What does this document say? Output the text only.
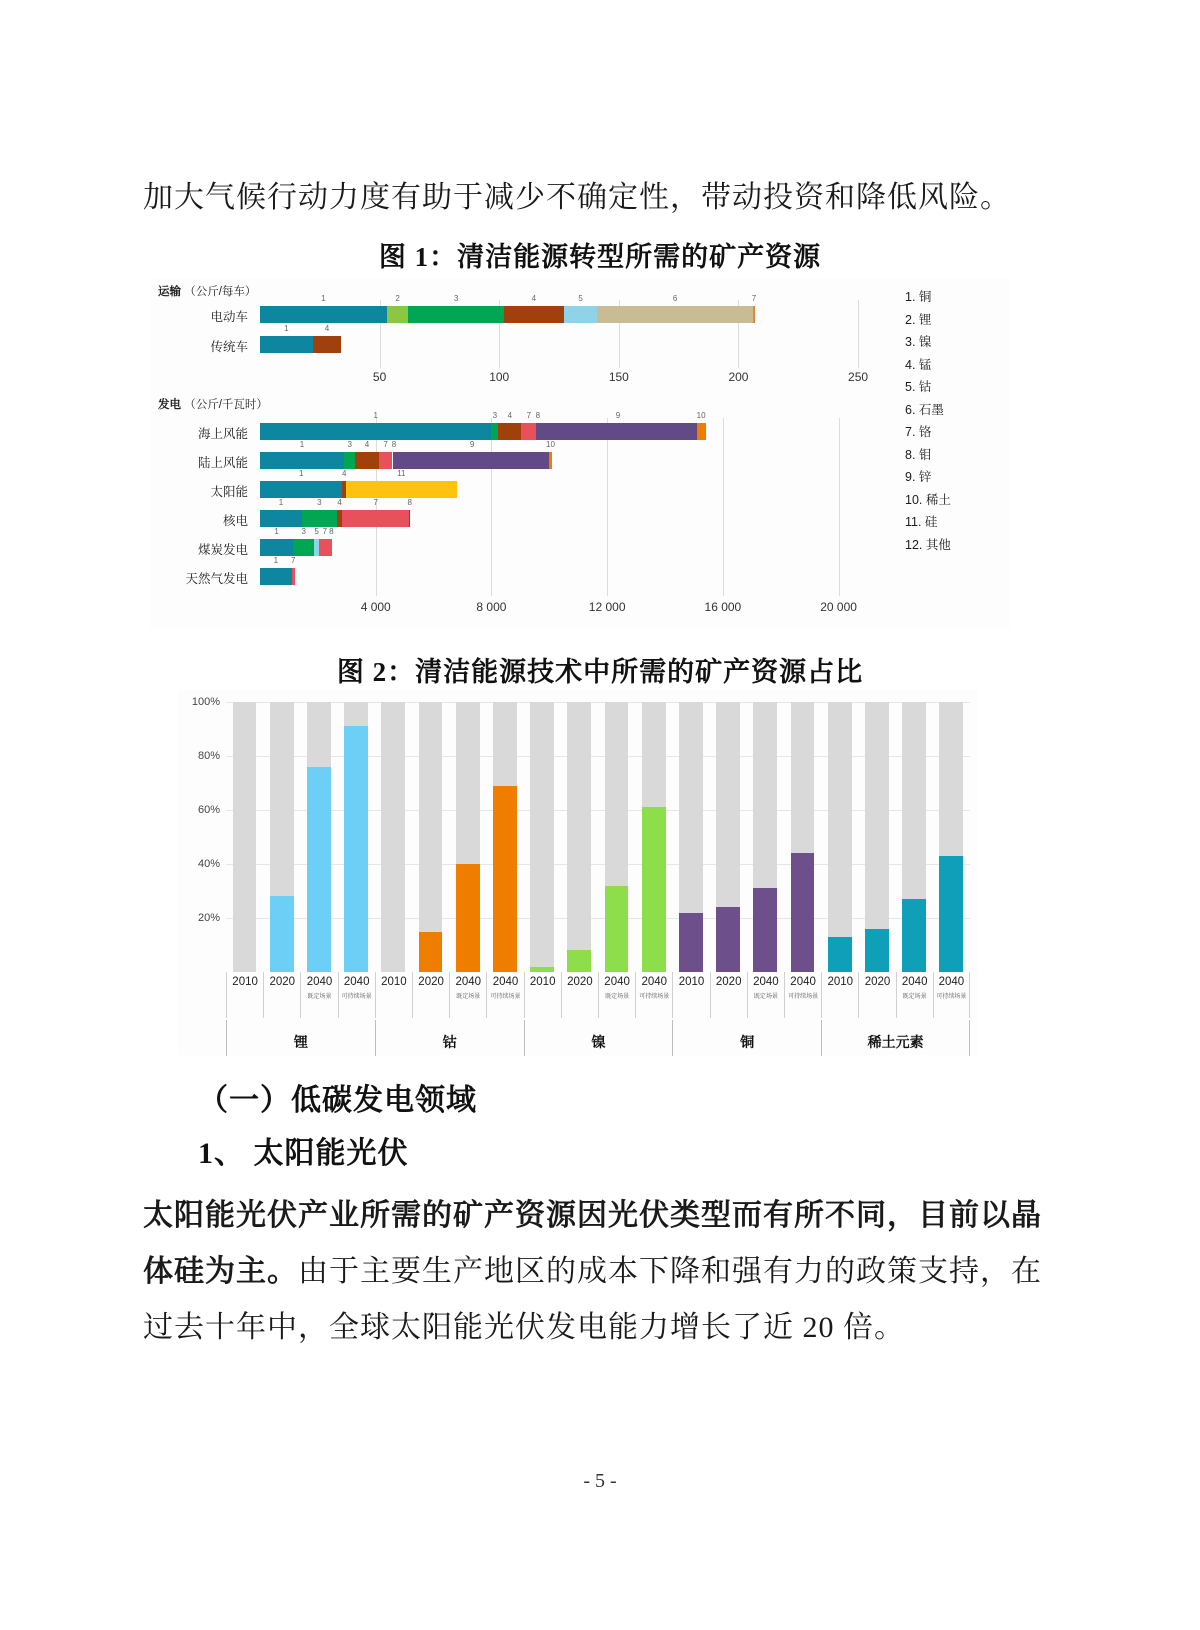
加大气候行动力度有助于减少不确定性，带动投资和降低风险。
图 1：清洁能源转型所需的矿产资源
1. 铜
2. 锂
3. 镍
4. 锰
5. 钴
6. 石墨
7. 铬
8. 钼
9. 锌
10. 稀土
11. 硅
12. 其他
运输 （公斤/每车）
电动车
1	2	3	4	5	6	7
传统车
1	4
50	100	150	200	250
发电 （公斤/千瓦时）
海上风能
1	3 4 7 8	9	10
陆上风能
1	3 4 7 8	9	10
太阳能
1	4	11
核电
1	3 4	7	8
煤炭发电
1	3 5 7 8
天然气发电
1 7
4 000	8 000	12 000	16 000	20 000
图 2：清洁能源技术中所需的矿产资源占比
20%
40%
60%
80%
100%
2010	2020	2040
既定场景
2040
可持续场景
2010	2020	2040
既定场景
2040
可持续场景
2010	2020	2040
既定场景
2040
可持续场景
2010	2020	2040
既定场景
2040
可持续场景
2010	2020	2040
既定场景
2040
可持续场景
锂	钴	镍	铜	稀土元素
（一）低碳发电领域
1、 太阳能光伏
太阳能光伏产业所需的矿产资源因光伏类型而有所不同，目前以晶体硅为主。由于主要生产地区的成本下降和强有力的政策支持，在过去十年中，全球太阳能光伏发电能力增长了近 20 倍。
- 5 -
